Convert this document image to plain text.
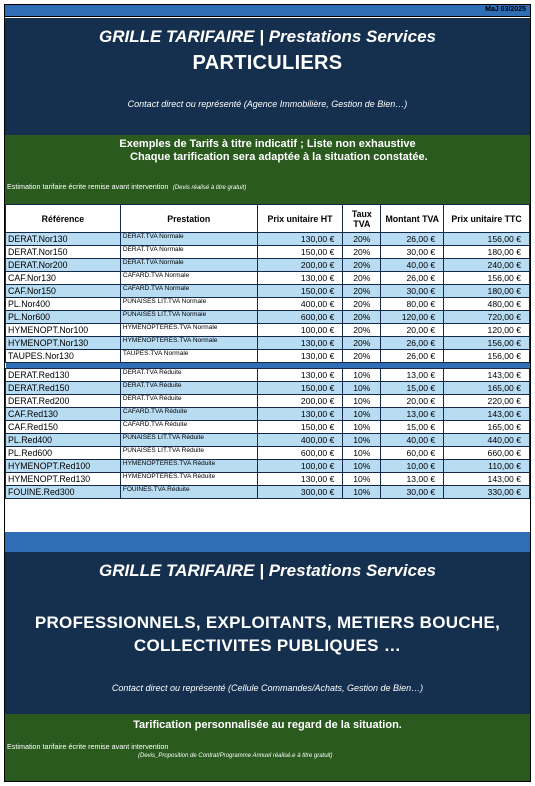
MaJ 03/2025
GRILLE TARIFAIRE | Prestations Services
PARTICULIERS
Contact direct ou représenté (Agence Immobilière, Gestion de Bien…)
Exemples de Tarifs à titre indicatif ; Liste non exhaustive
Chaque tarification sera adaptée à la situation constatée.
Estimation tarifaire écrite remise avant intervention (Devis réalisé à titre gratuit)
Référence	Prestation	Prix unitaire HT	Taux TVA	Montant TVA	Prix unitaire TTC
DERAT.Nor130	DERAT.TVA Normale	130,00 €	20%	26,00 €	156,00 €
DERAT.Nor150	DERAT.TVA Normale	150,00 €	20%	30,00 €	180,00 €
DERAT.Nor200	DERAT.TVA Normale	200,00 €	20%	40,00 €	240,00 €
CAF.Nor130	CAFARD.TVA Normale	130,00 €	20%	26,00 €	156,00 €
CAF.Nor150	CAFARD.TVA Normale	150,00 €	20%	30,00 €	180,00 €
PL.Nor400	PUNAISES LIT.TVA Normale	400,00 €	20%	80,00 €	480,00 €
PL.Nor600	PUNAISES LIT.TVA Normale	600,00 €	20%	120,00 €	720,00 €
HYMENOPT.Nor100	HYMENOPTERES.TVA Normale	100,00 €	20%	20,00 €	120,00 €
HYMENOPT.Nor130	HYMENOPTERES.TVA Normale	130,00 €	20%	26,00 €	156,00 €
TAUPES.Nor130	TAUPES.TVA Normale	130,00 €	20%	26,00 €	156,00 €

DERAT.Red130	DERAT.TVA Réduite	130,00 €	10%	13,00 €	143,00 €
DERAT.Red150	DERAT.TVA Réduite	150,00 €	10%	15,00 €	165,00 €
DERAT.Red200	DERAT.TVA Réduite	200,00 €	10%	20,00 €	220,00 €
CAF.Red130	CAFARD.TVA Réduite	130,00 €	10%	13,00 €	143,00 €
CAF.Red150	CAFARD.TVA Réduite	150,00 €	10%	15,00 €	165,00 €
PL.Red400	PUNAISES LIT.TVA Réduite	400,00 €	10%	40,00 €	440,00 €
PL.Red600	PUNAISES LIT.TVA Réduite	600,00 €	10%	60,00 €	660,00 €
HYMENOPT.Red100	HYMENOPTERES.TVA Réduite	100,00 €	10%	10,00 €	110,00 €
HYMENOPT.Red130	HYMENOPTERES.TVA Réduite	130,00 €	10%	13,00 €	143,00 €
FOUINE.Red300	FOUINES.TVA Réduite	300,00 €	10%	30,00 €	330,00 €
GRILLE TARIFAIRE | Prestations Services
PROFESSIONNELS, EXPLOITANTS, METIERS BOUCHE,
COLLECTIVITES PUBLIQUES …
Contact direct ou représenté (Cellule Commandes/Achats, Gestion de Bien…)
Tarification personnalisée au regard de la situation.
Estimation tarifaire écrite remise avant intervention
(Devis_Proposition de Contrat/Programme Annuel réalisé.e à titre gratuit)
